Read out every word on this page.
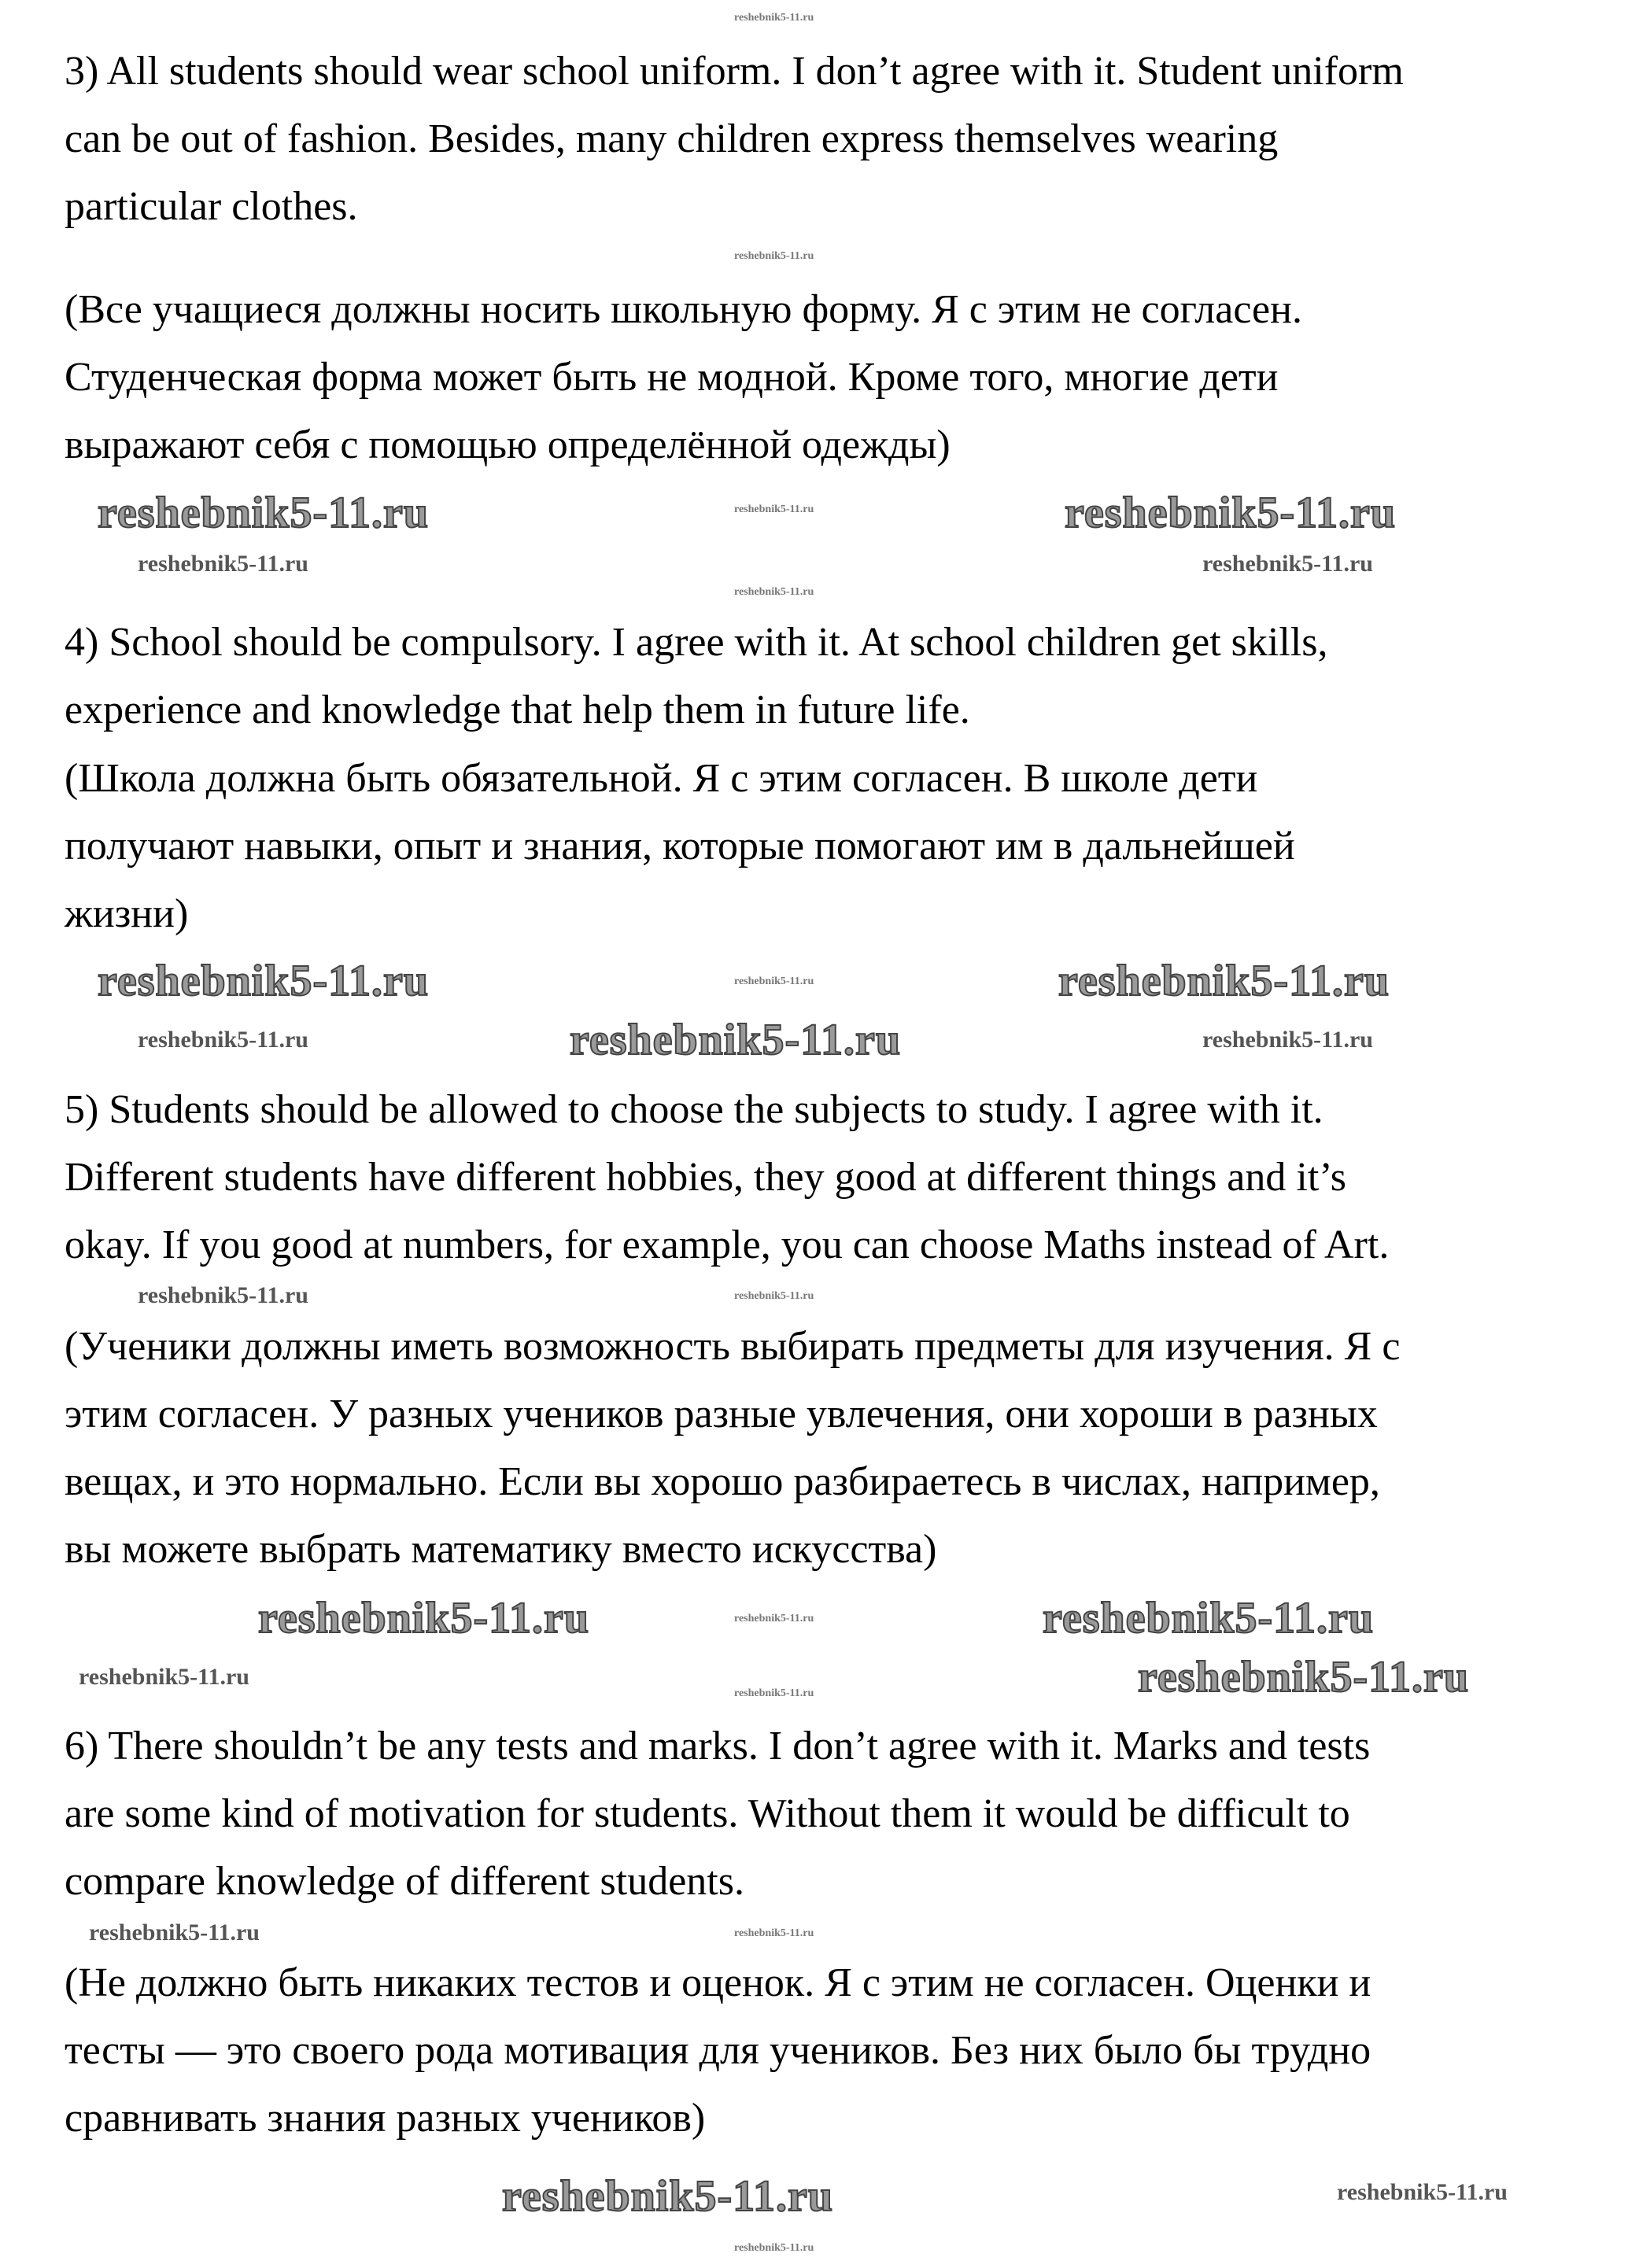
3) All students should wear school uniform. I don’t agree with it. Student uniform
can be out of fashion. Besides, many children express themselves wearing
particular clothes.
(Все учащиеся должны носить школьную форму. Я с этим не согласен.
Студенческая форма может быть не модной. Кроме того, многие дети
выражают себя с помощью определённой одежды)
4) School should be compulsory. I agree with it. At school children get skills,
experience and knowledge that help them in future life.
(Школа должна быть обязательной. Я с этим согласен. В школе дети
получают навыки, опыт и знания, которые помогают им в дальнейшей
жизни)
5) Students should be allowed to choose the subjects to study. I agree with it.
Different students have different hobbies, they good at different things and it’s
okay. If you good at numbers, for example, you can choose Maths instead of Art.
(Ученики должны иметь возможность выбирать предметы для изучения. Я с
этим согласен. У разных учеников разные увлечения, они хороши в разных
вещах, и это нормально. Если вы хорошо разбираетесь в числах, например,
вы можете выбрать математику вместо искусства)
6) There shouldn’t be any tests and marks. I don’t agree with it. Marks and tests
are some kind of motivation for students. Without them it would be difficult to
compare knowledge of different students.
(Не должно быть никаких тестов и оценок. Я с этим не согласен. Оценки и
тесты — это своего рода мотивация для учеников. Без них было бы трудно
сравнивать знания разных учеников)
reshebnik5-11.ru	reshebnik5-11.ru
reshebnik5-11.ru	reshebnik5-11.ru
reshebnik5-11.ru	reshebnik5-11.ru
reshebnik5-11.ru
reshebnik5-11.ru	reshebnik5-11.ru
reshebnik5-11.ru
reshebnik5-11.ru	reshebnik5-11.ru
reshebnik5-11.ru
reshebnik5-11.ru
reshebnik5-11.ru
reshebnik5-11.ru	reshebnik5-11.ru
reshebnik5-11.ru
reshebnik5-11.ru
reshebnik5-11.ru
reshebnik5-11.ru
reshebnik5-11.ru
reshebnik5-11.ru
reshebnik5-11.ru
reshebnik5-11.ru
reshebnik5-11.ru
reshebnik5-11.ru
